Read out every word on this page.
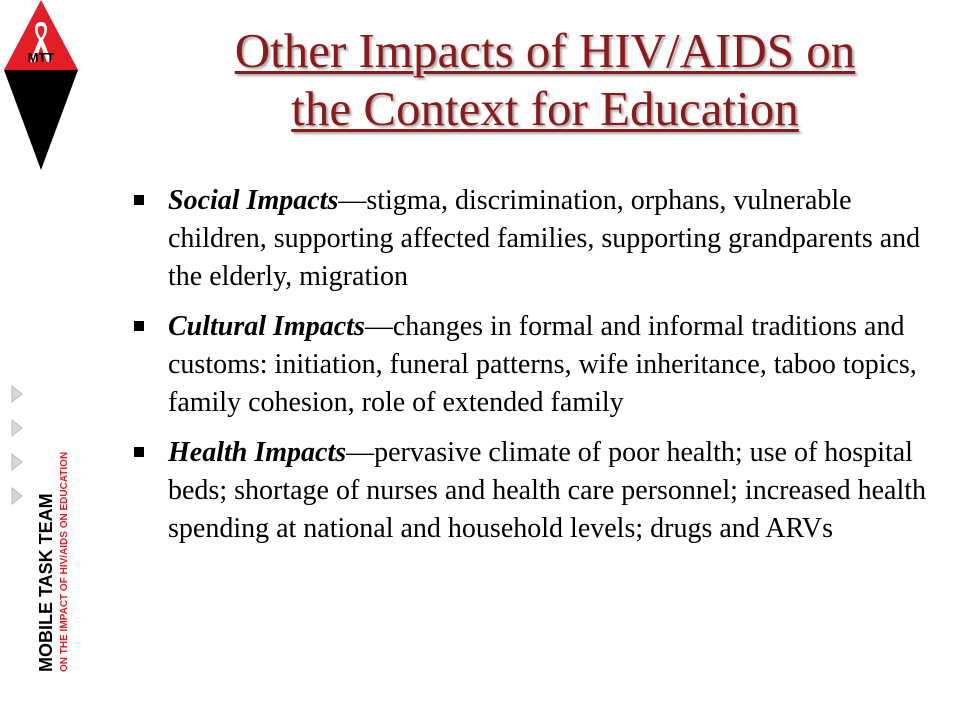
MTT
MOBILE TASK TEAM ON THE IMPACT OF HIV/AIDS ON EDUCATION
Other Impacts of HIV/AIDS on
the Context for Education
Social Impacts—stigma, discrimination, orphans, vulnerable children, supporting affected families, supporting grandparents and the elderly, migration
Cultural Impacts—changes in formal and informal traditions and customs: initiation, funeral patterns, wife inheritance, taboo topics, family cohesion, role of extended family
Health Impacts—pervasive climate of poor health; use of hospital beds; shortage of nurses and health care personnel; increased health spending at national and household levels; drugs and ARVs
